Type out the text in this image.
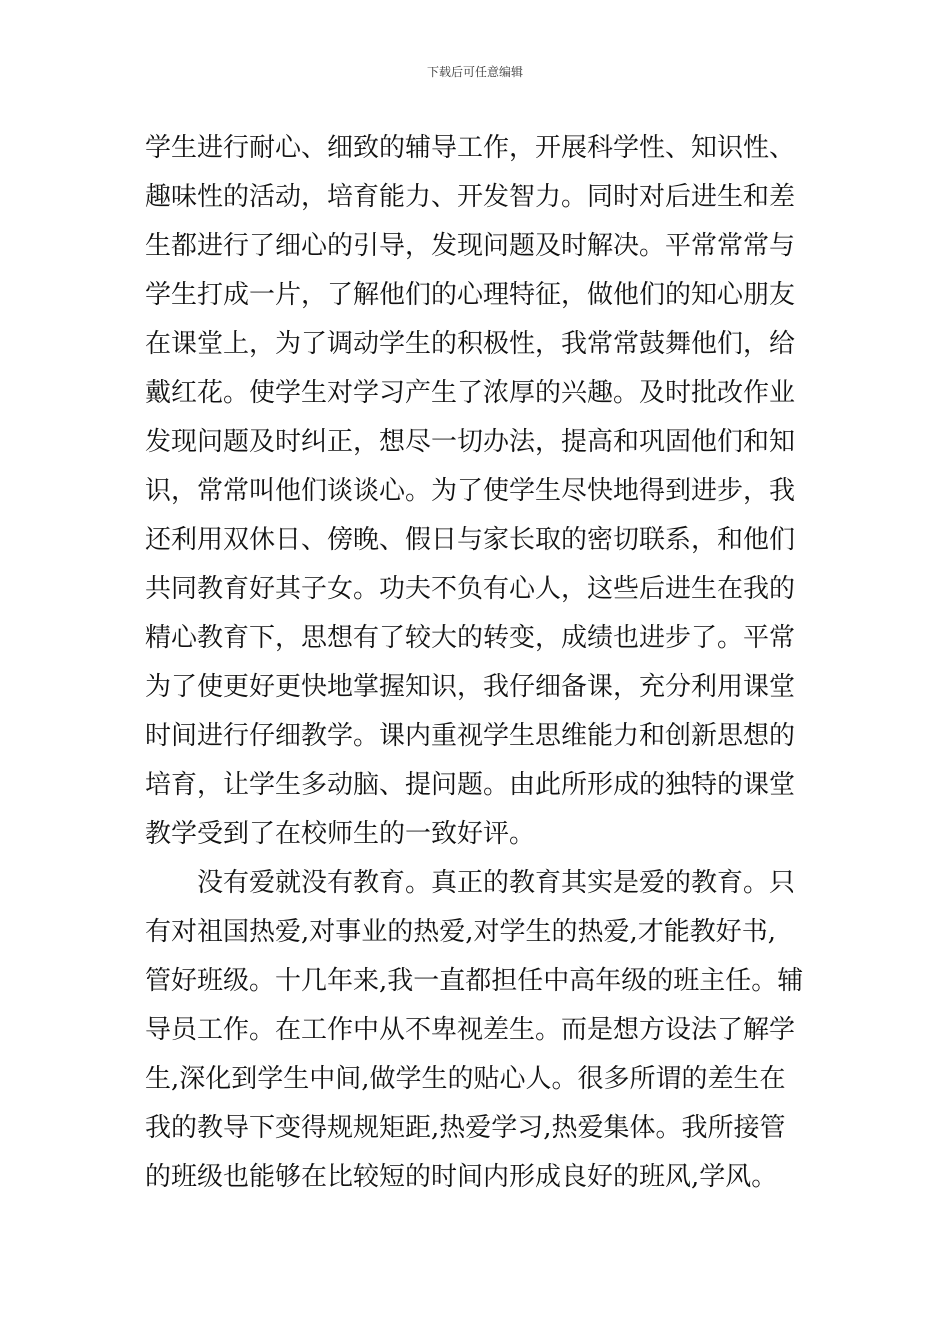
下载后可任意编辑
学生进行耐心、细致的辅导工作，开展科学性、知识性、
趣味性的活动，培育能力、开发智力。同时对后进生和差
生都进行了细心的引导，发现问题及时解决。平常常常与
学生打成一片，了解他们的心理特征，做他们的知心朋友
在课堂上，为了调动学生的积极性，我常常鼓舞他们，给
戴红花。使学生对学习产生了浓厚的兴趣。及时批改作业
发现问题及时纠正，想尽一切办法，提高和巩固他们和知
识，常常叫他们谈谈心。为了使学生尽快地得到进步，我
还利用双休日、傍晚、假日与家长取的密切联系，和他们
共同教育好其子女。功夫不负有心人，这些后进生在我的
精心教育下，思想有了较大的转变，成绩也进步了。平常
为了使更好更快地掌握知识，我仔细备课，充分利用课堂
时间进行仔细教学。课内重视学生思维能力和创新思想的
培育，让学生多动脑、提问题。由此所形成的独特的课堂
教学受到了在校师生的一致好评。
没有爱就没有教育。真正的教育其实是爱的教育。只
有对祖国热爱,对事业的热爱,对学生的热爱,才能教好书,
管好班级。十几年来,我一直都担任中高年级的班主任。辅
导员工作。在工作中从不卑视差生。而是想方设法了解学
生,深化到学生中间,做学生的贴心人。很多所谓的差生在
我的教导下变得规规矩距,热爱学习,热爱集体。我所接管
的班级也能够在比较短的时间内形成良好的班风,学风。
